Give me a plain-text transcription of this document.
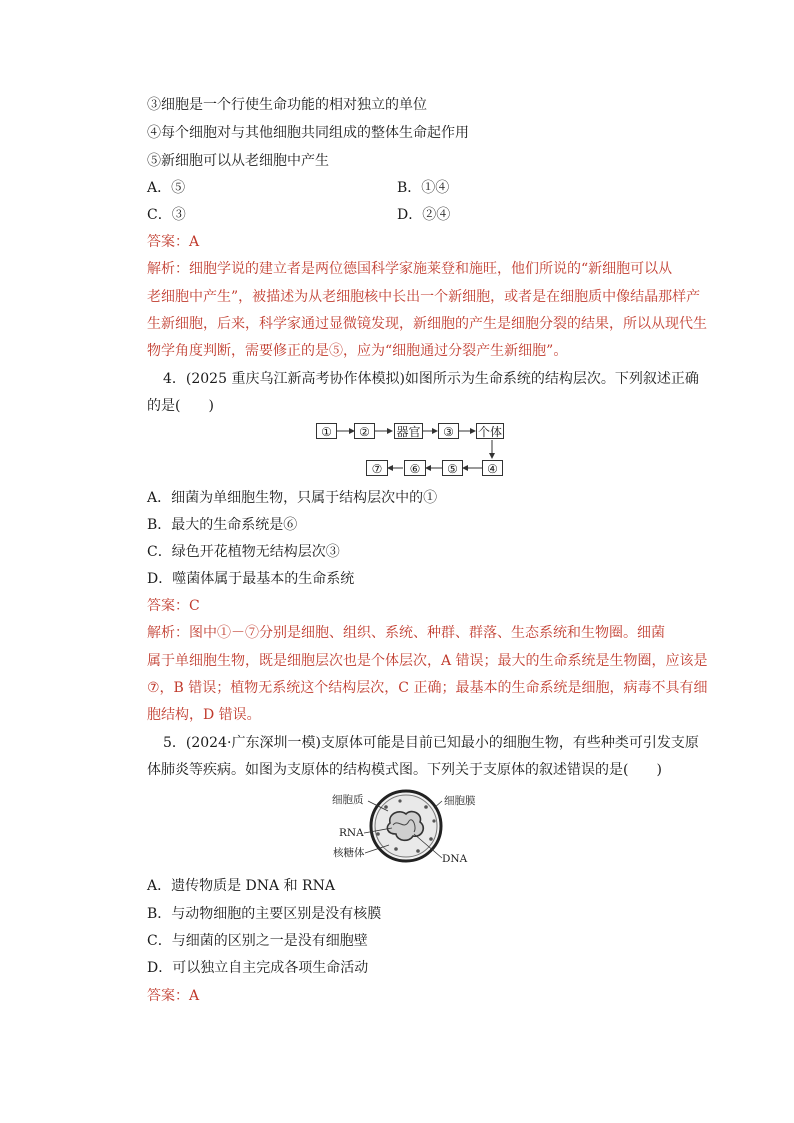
③细胞是一个行使生命功能的相对独立的单位
④每个细胞对与其他细胞共同组成的整体生命起作用
⑤新细胞可以从老细胞中产生
A．⑤	B．①④
C．③	D．②④
答案：A
解析：细胞学说的建立者是两位德国科学家施莱登和施旺，他们所说的“新细胞可以从
老细胞中产生”，被描述为从老细胞核中长出一个新细胞，或者是在细胞质中像结晶那样产
生新细胞，后来，科学家通过显微镜发现，新细胞的产生是细胞分裂的结果，所以从现代生
物学角度判断，需要修正的是⑤，应为“细胞通过分裂产生新细胞”。
4．(2025 重庆乌江新高考协作体模拟)如图所示为生命系统的结构层次。下列叙述正确
的是(　　)
①	②	器官	③	个体
⑦	⑥	⑤	④
A．细菌为单细胞生物，只属于结构层次中的①
B．最大的生命系统是⑥
C．绿色开花植物无结构层次③
D．噬菌体属于最基本的生命系统
答案：C
解析：图中①－⑦分别是细胞、组织、系统、种群、群落、生态系统和生物圈。细菌
属于单细胞生物，既是细胞层次也是个体层次，A 错误；最大的生命系统是生物圈，应该是
⑦，B 错误；植物无系统这个结构层次，C 正确；最基本的生命系统是细胞，病毒不具有细
胞结构，D 错误。
5．(2024·广东深圳一模)支原体可能是目前已知最小的细胞生物，有些种类可引发支原
体肺炎等疾病。如图为支原体的结构模式图。下列关于支原体的叙述错误的是(　　)
细胞质	细胞膜
RNA
核糖体	DNA
A．遗传物质是 DNA 和 RNA
B．与动物细胞的主要区别是没有核膜
C．与细菌的区别之一是没有细胞壁
D．可以独立自主完成各项生命活动
答案：A
